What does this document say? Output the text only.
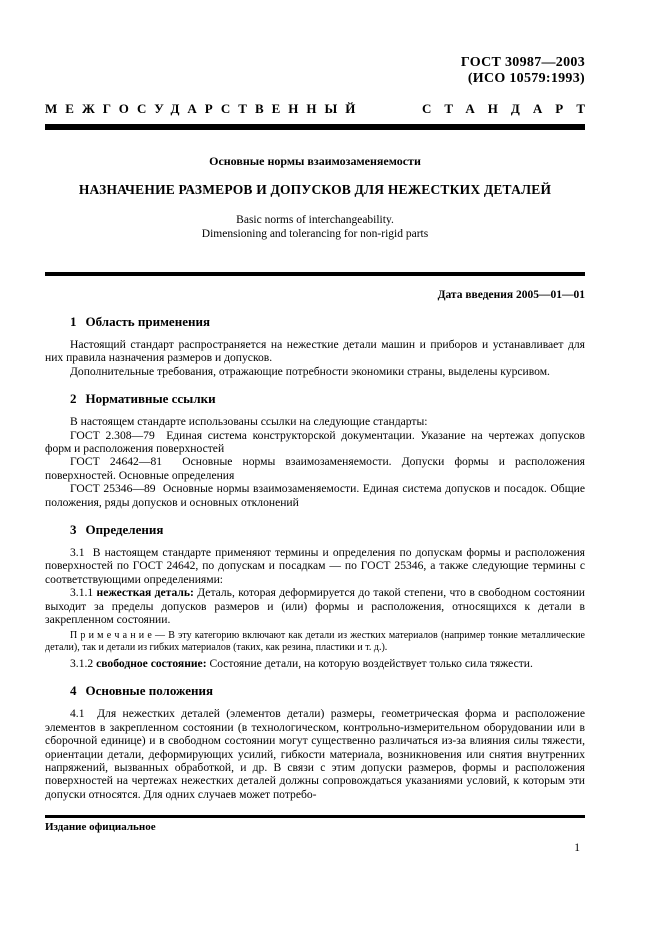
ГОСТ 30987—2003
(ИСО 10579:1993)
МЕЖГОСУДАРСТВЕННЫЙ	СТАНДАРТ
Основные нормы взаимозаменяемости
НАЗНАЧЕНИЕ РАЗМЕРОВ И ДОПУСКОВ ДЛЯ НЕЖЕСТКИХ ДЕТАЛЕЙ
Basic norms of interchangeability.
Dimensioning and tolerancing for non-rigid parts
Дата введения 2005—01—01
1 Область применения

Настоящий стандарт распространяется на нежесткие детали машин и приборов и устанавливает для них правила назначения размеров и допусков.

Дополнительные требования, отражающие потребности экономики страны, выделены курсивом.

2 Нормативные ссылки

В настоящем стандарте использованы ссылки на следующие стандарты:

ГОСТ 2.308—79  Единая система конструкторской документации. Указание на чертежах допусков форм и расположения поверхностей

ГОСТ 24642—81  Основные нормы взаимозаменяемости. Допуски формы и расположения поверхностей. Основные определения

ГОСТ 25346—89  Основные нормы взаимозаменяемости. Единая система допусков и посадок. Общие положения, ряды допусков и основных отклонений

3 Определения

3.1  В настоящем стандарте применяют термины и определения по допускам формы и расположения поверхностей по ГОСТ 24642, по допускам и посадкам — по ГОСТ 25346, а также следующие термины с соответствующими определениями:

3.1.1 нежесткая деталь: Деталь, которая деформируется до такой степени, что в свободном состоянии выходит за пределы допусков размеров и (или) формы и расположения, относящихся к детали в закрепленном состоянии.

П р и м е ч а н и е — В эту категорию включают как детали из жестких материалов (например тонкие металлические детали), так и детали из гибких материалов (таких, как резина, пластики и т. д.).

3.1.2 свободное состояние: Состояние детали, на которую воздействует только сила тяжести.

4 Основные положения

4.1  Для нежестких деталей (элементов детали) размеры, геометрическая форма и расположение элементов в закрепленном состоянии (в технологическом, контрольно-измерительном оборудовании или в сборочной единице) и в свободном состоянии могут существенно различаться из-за влияния силы тяжести, ориентации детали, деформирующих усилий, гибкости материала, возникновения или снятия внутренних напряжений, вызванных обработкой, и др. В связи с этим допуски размеров, формы и расположения поверхностей на чертежах нежестких деталей должны сопровождаться указаниями условий, к которым эти допуски относятся. Для одних случаев может потребо-

Издание официальное
1
